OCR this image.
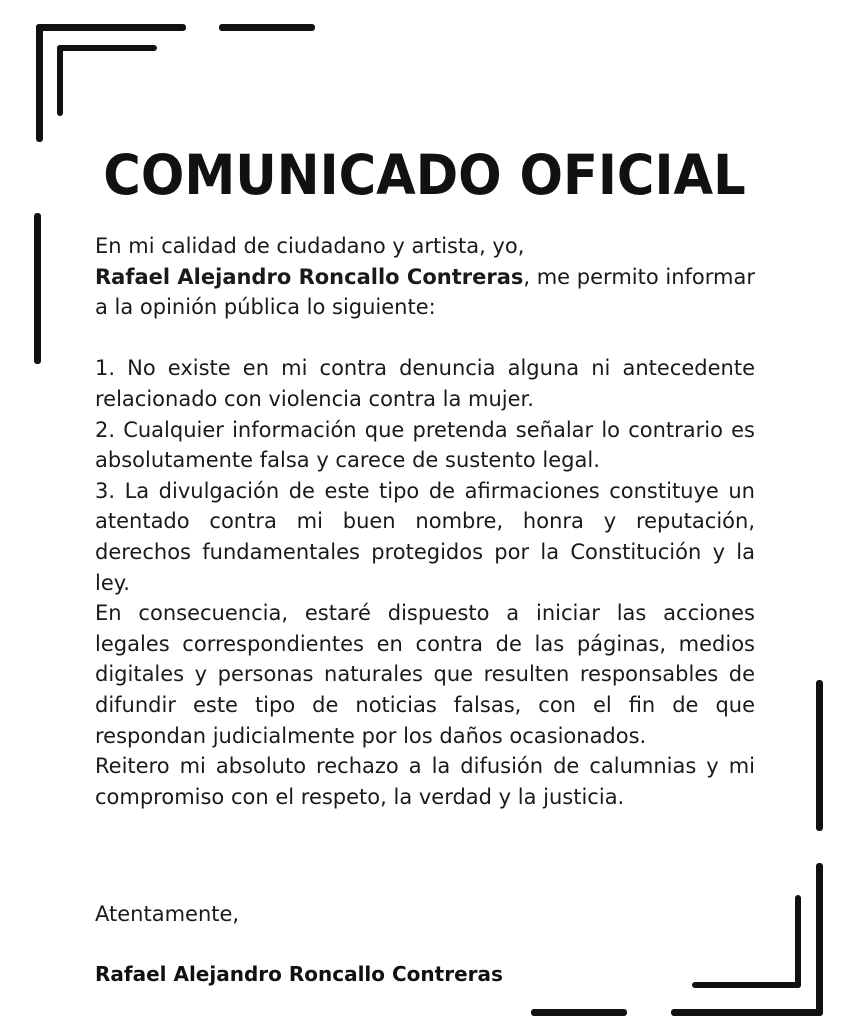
COMUNICADO OFICIAL

En mi calidad de ciudadano y artista, yo,
Rafael Alejandro Roncallo Contreras, me permito informar a la opinión pública lo siguiente:

1. No existe en mi contra denuncia alguna ni antecedente relacionado con violencia contra la mujer.

2. Cualquier información que pretenda señalar lo contrario es absolutamente falsa y carece de sustento legal.

3. La divulgación de este tipo de afirmaciones constituye un atentado contra mi buen nombre, honra y reputación, derechos fundamentales protegidos por la Constitución y la ley.

En consecuencia, estaré dispuesto a iniciar las acciones legales correspondientes en contra de las páginas, medios digitales y personas naturales que resulten responsables de difundir este tipo de noticias falsas, con el fin de que respondan judicialmente por los daños ocasionados.

Reitero mi absoluto rechazo a la difusión de calumnias y mi compromiso con el respeto, la verdad y la justicia.

Atentamente,
Rafael Alejandro Roncallo Contreras
